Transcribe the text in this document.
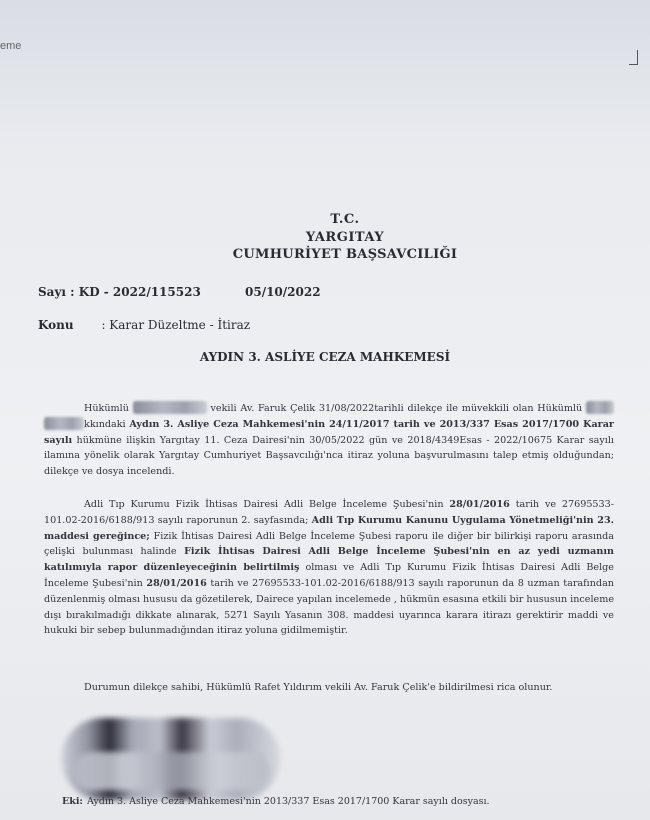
eme
T.C.
YARGITAY
CUMHURİYET BAŞSAVCILIĞI
Sayı : KD - 2022/115523	05/10/2022
Konu : Karar Düzeltme - İtiraz
AYDIN 3. ASLİYE CEZA MAHKEMESİ
Hükümlü	vekili Av. Faruk Çelik 31/08/2022tarihli dilekçe ile müvekkili olan Hükümlü  kkındaki Aydın 3. Asliye Ceza Mahkemesi'nin 24/11/2017 tarih ve 2013/337 Esas 2017/1700 Karar sayılı hükmüne ilişkin Yargıtay 11. Ceza Dairesi'nin 30/05/2022 gün ve 2018/4349Esas - 2022/10675 Karar sayılı ilamına yönelik olarak Yargıtay Cumhuriyet Başsavcılığı'nca itiraz yoluna başvurulmasını talep etmiş olduğundan; dilekçe ve dosya incelendi.
Adli Tıp Kurumu Fizik İhtisas Dairesi Adli Belge İnceleme Şubesi'nin 28/01/2016 tarih ve 27695533-101.02-2016/6188/913 sayılı raporunun 2. sayfasında; Adli Tıp Kurumu Kanunu Uygulama Yönetmeliği'nin 23. maddesi gereğince; Fizik İhtisas Dairesi Adli Belge İnceleme Şubesi raporu ile diğer bir bilirkişi raporu arasında çelişki bulunması halinde Fizik İhtisas Dairesi Adli Belge İnceleme Şubesi'nin en az yedi uzmanın katılımıyla rapor düzenleyeceğinin belirtilmiş olması ve Adli Tıp Kurumu Fizik İhtisas Dairesi Adli Belge İnceleme Şubesi'nin 28/01/2016 tarih ve 27695533-101.02-2016/6188/913 sayılı raporunun da 8 uzman tarafından düzenlenmiş olması hususu da gözetilerek, Dairece yapılan incelemede , hükmün esasına etkili bir hususun inceleme dışı bırakılmadığı dikkate alınarak, 5271 Sayılı Yasanın 308. maddesi uyarınca karara itirazı gerektirir maddi ve hukuki bir sebep bulunmadığından itiraz yoluna gidilmemiştir.
Durumun dilekçe sahibi, Hükümlü Rafet Yıldırım vekili Av. Faruk Çelik'e bildirilmesi rica olunur.
Eki: Aydın 3. Asliye Ceza Mahkemesi'nin 2013/337 Esas 2017/1700 Karar sayılı dosyası.
